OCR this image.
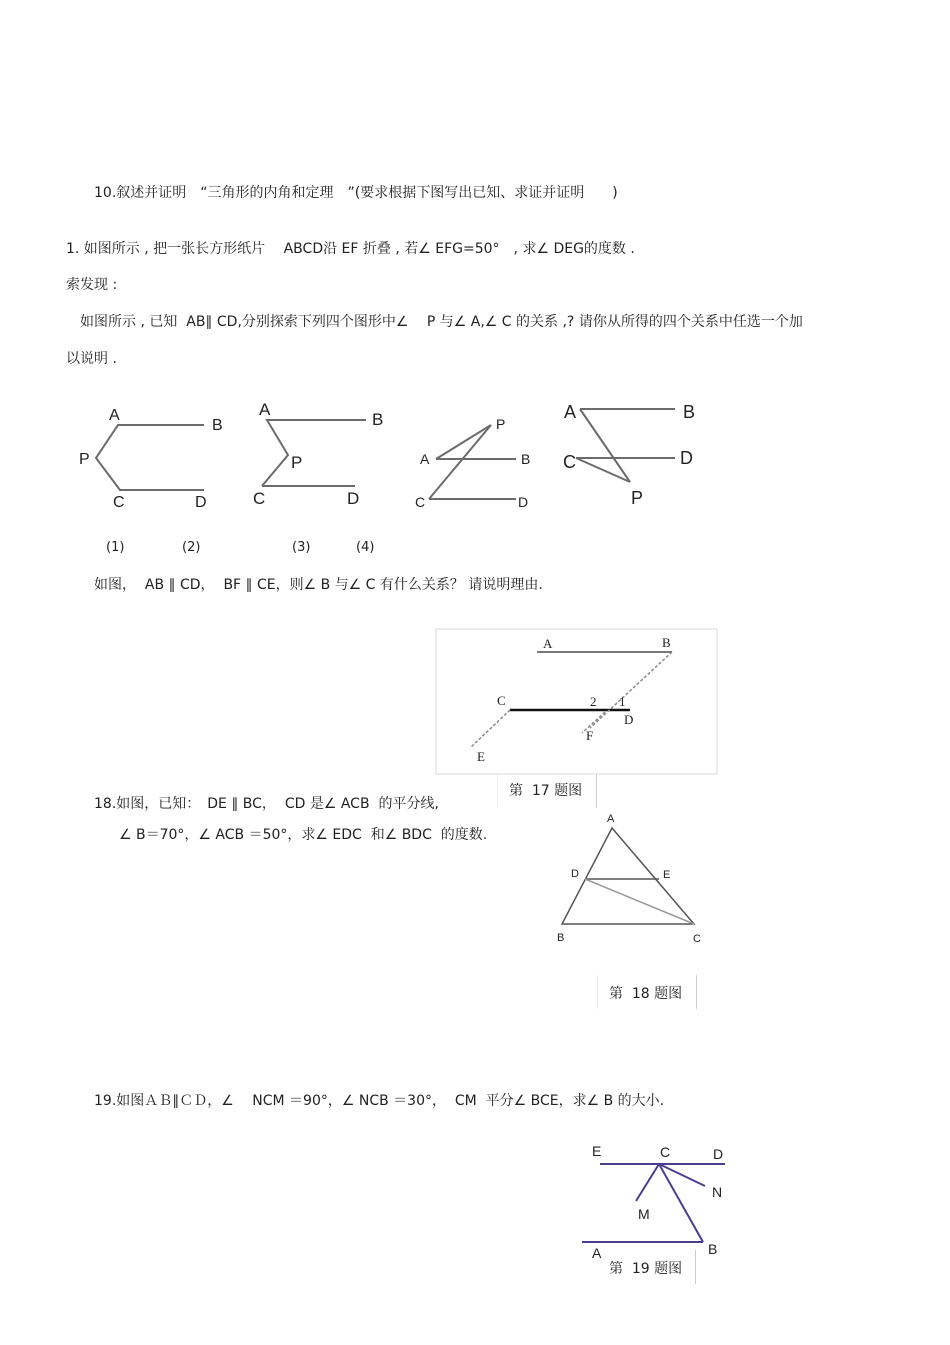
10.叙述并证明　“三角形的内角和定理　”(要求根据下图写出已知、求证并证明　　)
1. 如图所示 , 把一张长方形纸片　 ABCD沿 EF 折叠 , 若∠ EFG=50°　, 求∠ DEG的度数 .
索发现 :
　如图所示 , 已知  AB∥ CD,分别探索下列四个图形中∠　 P 与∠ A,∠ C 的关系 ,? 请你从所得的四个关系中任选一个加
以说明 .
如图，  AB ∥ CD，  BF ∥ CE，则∠ B 与∠ C 有什么关系？ 请说明理由.
18.如图，已知：　DE ∥ BC，  CD 是∠ ACB  的平分线,
∠ B＝70°，∠ ACB ＝50°，求∠ EDC  和∠ BDC  的度数.
19.如图ＡＢ∥ＣＤ，∠　 NCM ＝90°，∠ NCB ＝30°，  CM  平分∠ BCE，求∠ B 的大小.
(1)	(2)	(3)	(4)
第  17 题图
第  18 题图
第  19 题图
A
B
P
C	D
A
B
P
C	D
P
A	B
C	D
A	B
C	D
P
A	B
C	2 1
D
F
E
A
D	E
B	C
E	C	D
N
M
A	B
